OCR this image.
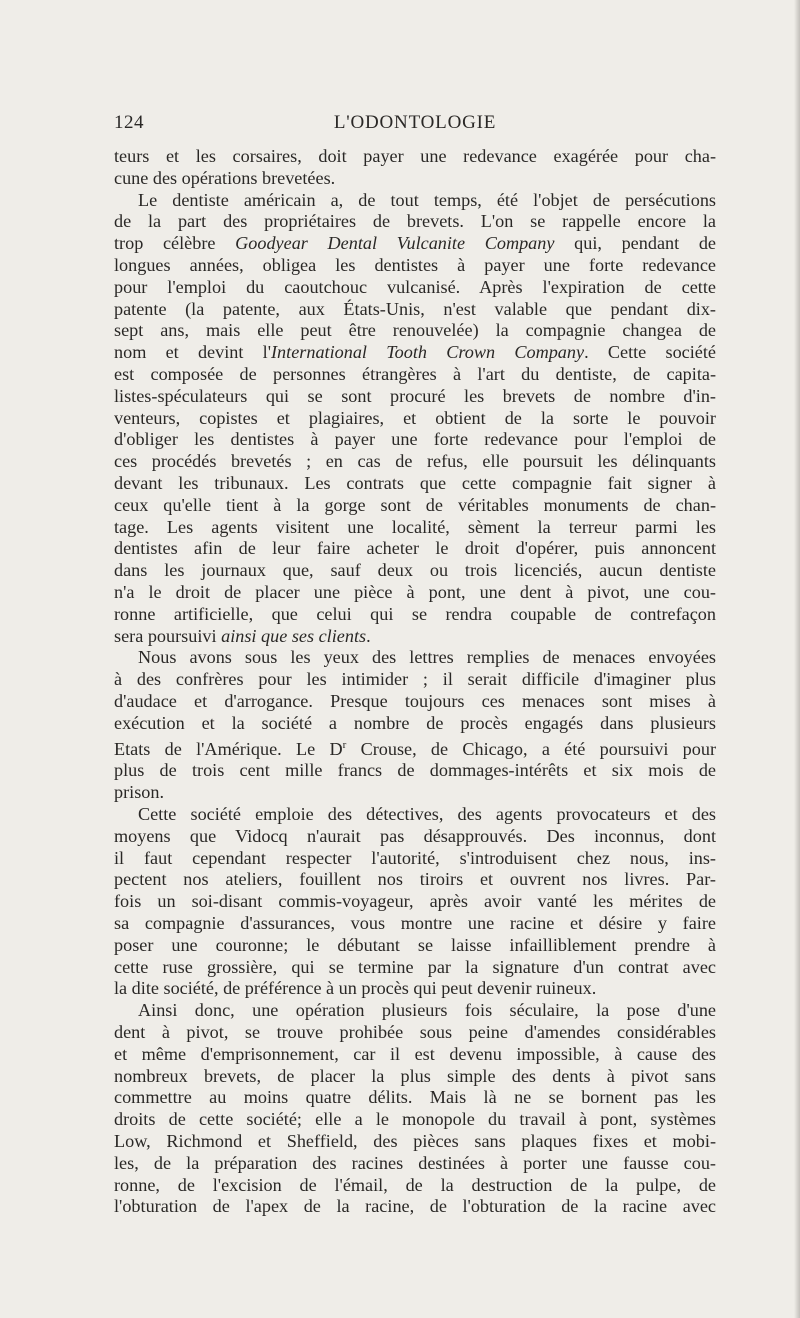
124	L'ODONTOLOGIE
teurs et les corsaires, doit payer une redevance exagérée pour cha-
cune des opérations brevetées.
Le dentiste américain a, de tout temps, été l'objet de persécutions
de la part des propriétaires de brevets. L'on se rappelle encore la
trop célèbre Goodyear Dental Vulcanite Company qui, pendant de
longues années, obligea les dentistes à payer une forte redevance
pour l'emploi du caoutchouc vulcanisé. Après l'expiration de cette
patente (la patente, aux États-Unis, n'est valable que pendant dix-
sept ans, mais elle peut être renouvelée) la compagnie changea de
nom et devint l'International Tooth Crown Company. Cette société
est composée de personnes étrangères à l'art du dentiste, de capita-
listes-spéculateurs qui se sont procuré les brevets de nombre d'in-
venteurs, copistes et plagiaires, et obtient de la sorte le pouvoir
d'obliger les dentistes à payer une forte redevance pour l'emploi de
ces procédés brevetés ; en cas de refus, elle poursuit les délinquants
devant les tribunaux. Les contrats que cette compagnie fait signer à
ceux qu'elle tient à la gorge sont de véritables monuments de chan-
tage. Les agents visitent une localité, sèment la terreur parmi les
dentistes afin de leur faire acheter le droit d'opérer, puis annoncent
dans les journaux que, sauf deux ou trois licenciés, aucun dentiste
n'a le droit de placer une pièce à pont, une dent à pivot, une cou-
ronne artificielle, que celui qui se rendra coupable de contrefaçon
sera poursuivi ainsi que ses clients.
Nous avons sous les yeux des lettres remplies de menaces envoyées
à des confrères pour les intimider ; il serait difficile d'imaginer plus
d'audace et d'arrogance. Presque toujours ces menaces sont mises à
exécution et la société a nombre de procès engagés dans plusieurs
Etats de l'Amérique. Le $D^r$ Crouse, de Chicago, a été poursuivi pour
plus de trois cent mille francs de dommages-intérêts et six mois de
prison.
Cette société emploie des détectives, des agents provocateurs et des
moyens que Vidocq n'aurait pas désapprouvés. Des inconnus, dont
il faut cependant respecter l'autorité, s'introduisent chez nous, ins-
pectent nos ateliers, fouillent nos tiroirs et ouvrent nos livres. Par-
fois un soi-disant commis-voyageur, après avoir vanté les mérites de
sa compagnie d'assurances, vous montre une racine et désire y faire
poser une couronne; le débutant se laisse infailliblement prendre à
cette ruse grossière, qui se termine par la signature d'un contrat avec
la dite société, de préférence à un procès qui peut devenir ruineux.
Ainsi donc, une opération plusieurs fois séculaire, la pose d'une
dent à pivot, se trouve prohibée sous peine d'amendes considérables
et même d'emprisonnement, car il est devenu impossible, à cause des
nombreux brevets, de placer la plus simple des dents à pivot sans
commettre au moins quatre délits. Mais là ne se bornent pas les
droits de cette société; elle a le monopole du travail à pont, systèmes
Low, Richmond et Sheffield, des pièces sans plaques fixes et mobi-
les, de la préparation des racines destinées à porter une fausse cou-
ronne, de l'excision de l'émail, de la destruction de la pulpe, de
l'obturation de l'apex de la racine, de l'obturation de la racine avec
